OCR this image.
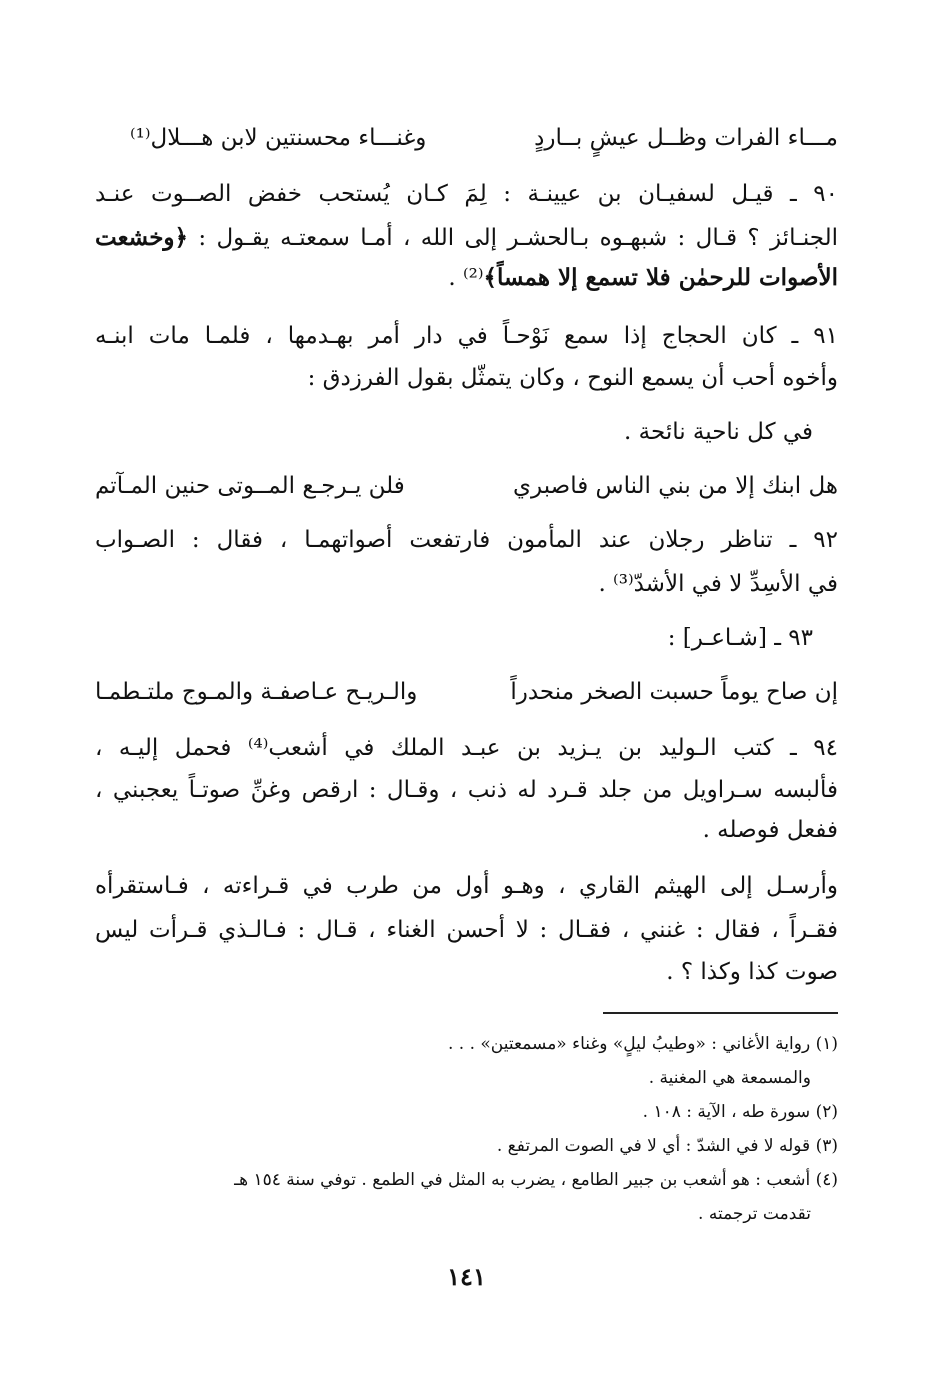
مـــاء الفرات وظــل عيشٍ بــاردٍ
وغنـــاء محسنتين لابن هـــلال⁽¹⁾
٩٠ ـ قيـل لسفيـان بن عيينـة : لِمَ كـان يُستحب خفض الصــوت عنـد
الجنـائز ؟ قـال : شبهـوه بـالحشـر إلى الله ، أمـا سمعتـه يقـول : ﴿وخشعت
الأصوات للرحمٰن فلا تسمع إلا همساً﴾⁽²⁾ .
٩١ ـ كان الحجاج إذا سمع نَوْحـاً في دار أمر بهـدمها ، فلمـا مات ابنـه
وأخوه أحب أن يسمع النوح ، وكان يتمثّل بقول الفرزدق :
في كل ناحية نائحة .
هل ابنك إلا من بني الناس فاصبري
فلن يـرجـع المــوتى حنين المـآتم
٩٢ ـ تناظر رجلان عند المأمون فارتفعت أصواتهمـا ، فقال : الصـواب
في الأسِدِّ لا في الأشدّ⁽³⁾ .
٩٣ ـ [شـاعـر] :
إن صاح يوماً حسبت الصخر منحدراً
والـريـح عـاصفـة والمـوج ملتـطمـا
٩٤ ـ كتب الـوليد بن يـزيد بن عبـد الملك في أشعب⁽⁴⁾ فحمل إليـه ،
فألبسه سـراويل من جلد قـرد له ذنب ، وقـال : ارقص وغنِّ صوتـاً يعجبني ،
ففعل فوصله .
وأرسـل إلى الهيثم القاري ، وهـو أول من طرب في قـراءته ، فـاستقرأه
فقـراً ، فقال : غنني ، فقـال : لا أحسن الغناء ، قـال : فـالـذي قـرأت ليس
صوت كذا وكذا ؟ .
(١) رواية الأغاني : «وطيبُ ليلٍ» وغناء «مسمعتين» . . .
والمسمعة هي المغنية .
(٢) سورة طه ، الآية : ١٠٨ .
(٣) قوله لا في الشدّ : أي لا في الصوت المرتفع .
(٤) أشعب : هو أشعب بن جبير الطامع ، يضرب به المثل في الطمع . توفي سنة ١٥٤ هـ
تقدمت ترجمته .
١٤١
